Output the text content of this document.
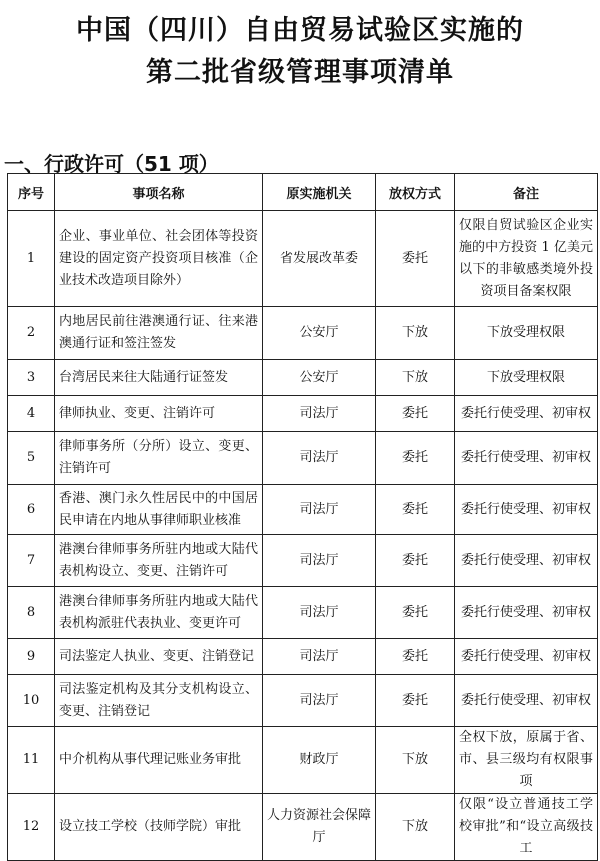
中国（四川）自由贸易试验区实施的
第二批省级管理事项清单
一、行政许可（51 项）
序号	事项名称	原实施机关	放权方式	备注
1	企业、事业单位、社会团体等投资建设的固定资产投资项目核准（企业技术改造项目除外）	省发展改革委	委托	仅限自贸试验区企业实施的中方投资 1 亿美元以下的非敏感类境外投资项目备案权限
2	内地居民前往港澳通行证、往来港澳通行证和签注签发	公安厅	下放	下放受理权限
3	台湾居民来往大陆通行证签发	公安厅	下放	下放受理权限
4	律师执业、变更、注销许可	司法厅	委托	委托行使受理、初审权
5	律师事务所（分所）设立、变更、注销许可	司法厅	委托	委托行使受理、初审权
6	香港、澳门永久性居民中的中国居民申请在内地从事律师职业核准	司法厅	委托	委托行使受理、初审权
7	港澳台律师事务所驻内地或大陆代表机构设立、变更、注销许可	司法厅	委托	委托行使受理、初审权
8	港澳台律师事务所驻内地或大陆代表机构派驻代表执业、变更许可	司法厅	委托	委托行使受理、初审权
9	司法鉴定人执业、变更、注销登记	司法厅	委托	委托行使受理、初审权
10	司法鉴定机构及其分支机构设立、变更、注销登记	司法厅	委托	委托行使受理、初审权
11	中介机构从事代理记账业务审批	财政厅	下放	全权下放，原属于省、市、县三级均有权限事项
12	设立技工学校（技师学院）审批	人力资源社会保障厅	下放	仅限“设立普通技工学校审批”和“设立高级技工
